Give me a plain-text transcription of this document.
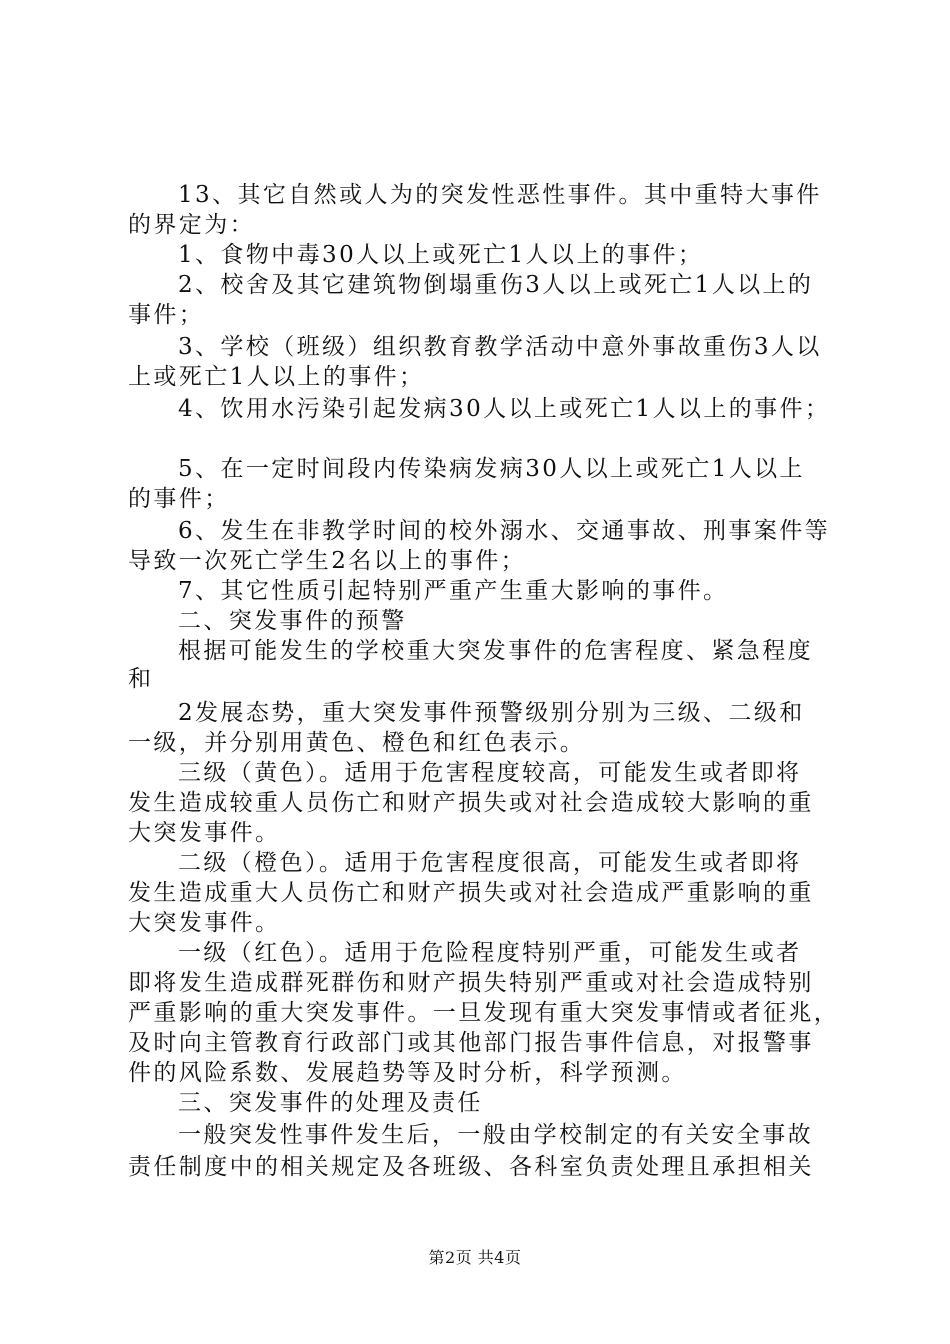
13、其它自然或人为的突发性恶性事件。其中重特大事件
的界定为：
1、食物中毒30人以上或死亡1人以上的事件；
2、校舍及其它建筑物倒塌重伤3人以上或死亡1人以上的
事件；
3、学校（班级）组织教育教学活动中意外事故重伤3人以
上或死亡1人以上的事件；
4、饮用水污染引起发病30人以上或死亡1人以上的事件；
5、在一定时间段内传染病发病30人以上或死亡1人以上
的事件；
6、发生在非教学时间的校外溺水、交通事故、刑事案件等
导致一次死亡学生2名以上的事件；
7、其它性质引起特别严重产生重大影响的事件。
二、突发事件的预警
根据可能发生的学校重大突发事件的危害程度、紧急程度
和
2发展态势，重大突发事件预警级别分别为三级、二级和
一级，并分别用黄色、橙色和红色表示。
三级（黄色）。适用于危害程度较高，可能发生或者即将
发生造成较重人员伤亡和财产损失或对社会造成较大影响的重
大突发事件。
二级（橙色）。适用于危害程度很高，可能发生或者即将
发生造成重大人员伤亡和财产损失或对社会造成严重影响的重
大突发事件。
一级（红色）。适用于危险程度特别严重，可能发生或者
即将发生造成群死群伤和财产损失特别严重或对社会造成特别
严重影响的重大突发事件。一旦发现有重大突发事情或者征兆，
及时向主管教育行政部门或其他部门报告事件信息，对报警事
件的风险系数、发展趋势等及时分析，科学预测。
三、突发事件的处理及责任
一般突发性事件发生后，一般由学校制定的有关安全事故
责任制度中的相关规定及各班级、各科室负责处理且承担相关
第2页 共4页
